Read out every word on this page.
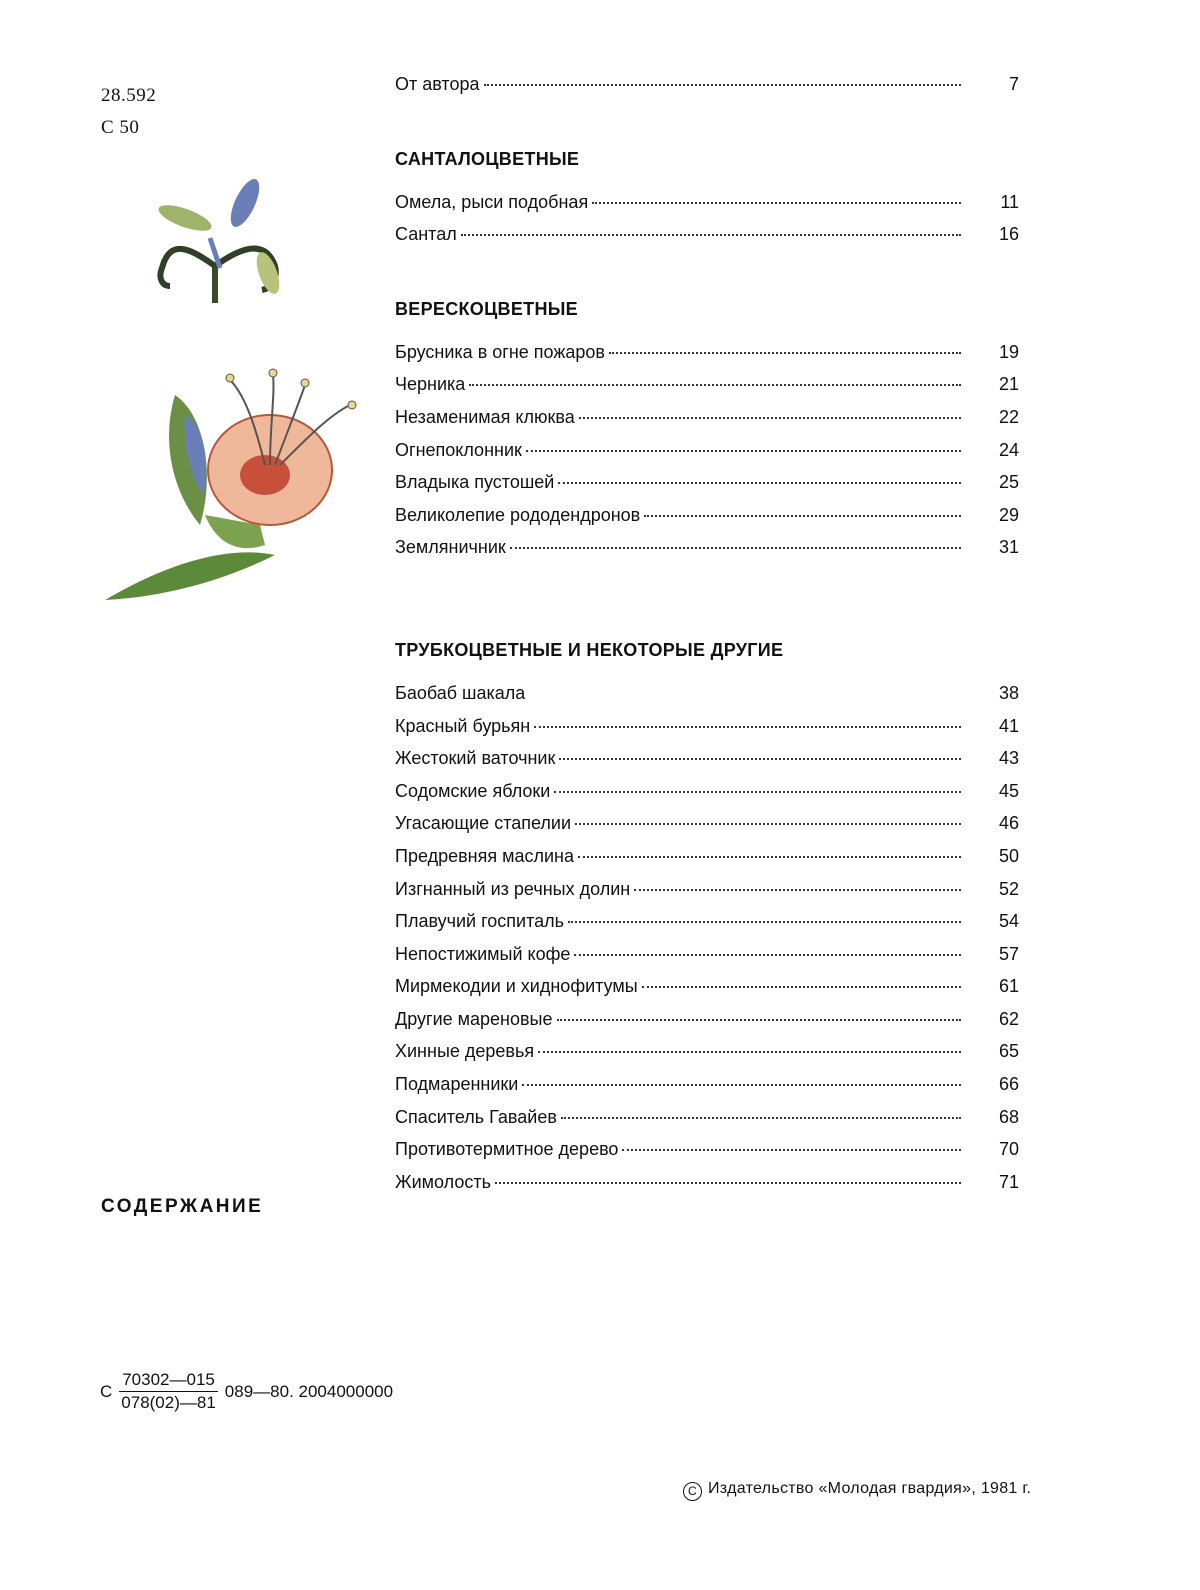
28.592
С 50
От автора	7
САНТАЛОЦВЕТНЫЕ
Омела, рыси подобная	11
Сантал	16
ВЕРЕСКОЦВЕТНЫЕ
Брусника в огне пожаров	19
Черника	21
Незаменимая клюква	22
Огнепоклонник	24
Владыка пустошей	25
Великолепие рододендронов	29
Земляничник	31
ТРУБКОЦВЕТНЫЕ И НЕКОТОРЫЕ ДРУГИЕ
Баобаб шакала	38
Красный бурьян	41
Жестокий ваточник	43
Содомские яблоки	45
Угасающие стапелии	46
Предревняя маслина	50
Изгнанный из речных долин	52
Плавучий госпиталь	54
Непостижимый кофе	57
Мирмекодии и хиднофитумы	61
Другие мареновые	62
Хинные деревья	65
Подмаренники	66
Спаситель Гавайев	68
Противотермитное дерево	70
Жимолость	71
СОДЕРЖАНИЕ
С $\frac{70302—015}{078(02)—81}$ 089—80. 2004000000
C Издательство «Молодая гвардия», 1981 г.
